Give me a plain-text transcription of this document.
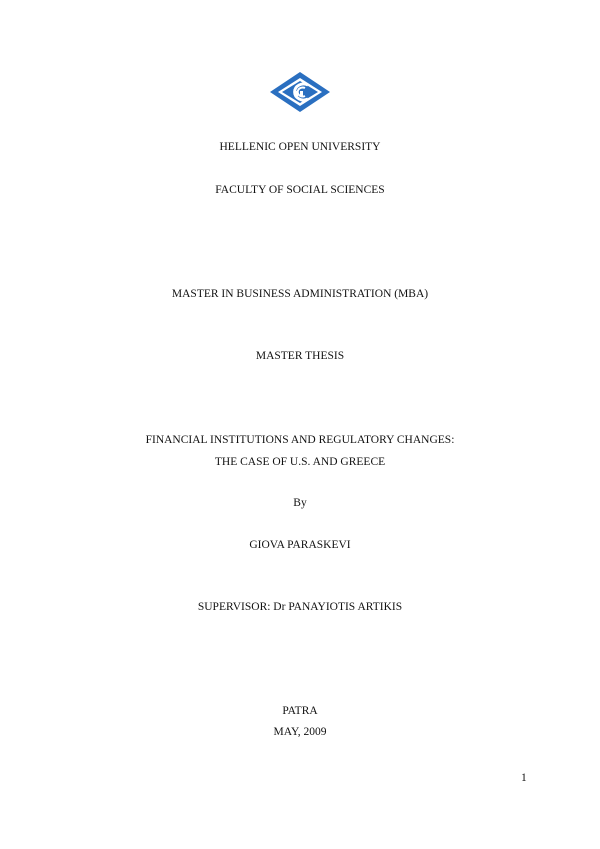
HELLENIC OPEN UNIVERSITY
FACULTY OF SOCIAL SCIENCES
MASTER IN BUSINESS ADMINISTRATION (MBA)
MASTER THESIS
FINANCIAL INSTITUTIONS AND REGULATORY CHANGES:
THE CASE OF U.S. AND GREECE
By
GIOVA PARASKEVI
SUPERVISOR: Dr PANAYIOTIS ARTIKIS
PATRA
MAY, 2009
1
